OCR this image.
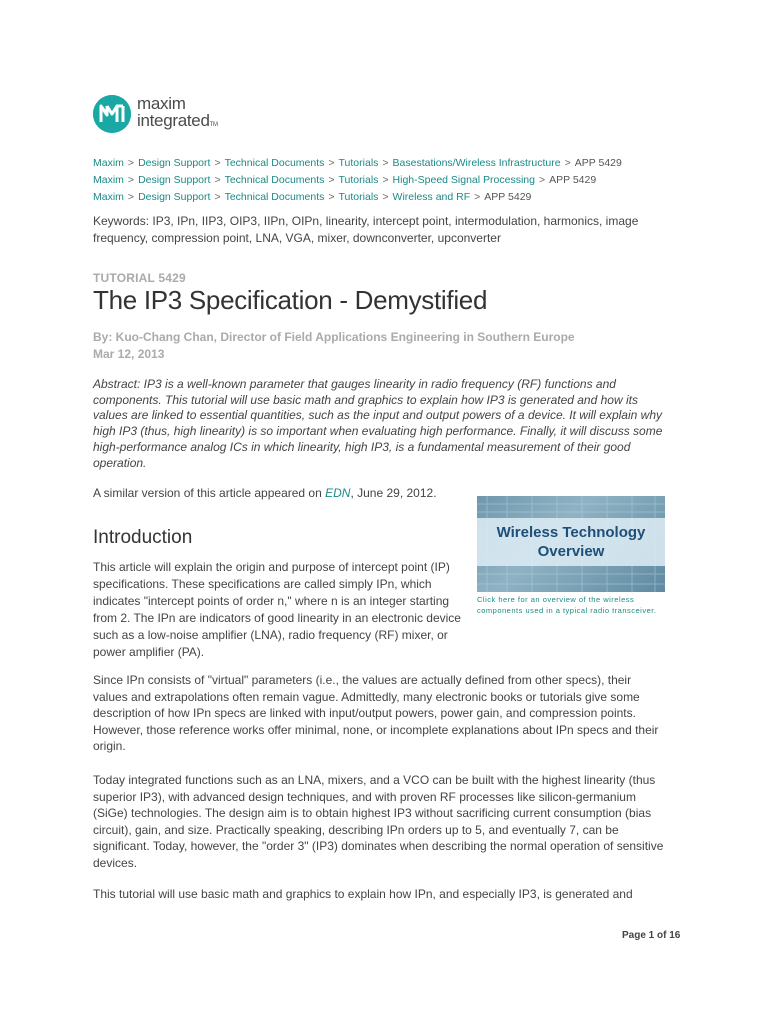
maxim
integratedTM
Maxim > Design Support > Technical Documents > Tutorials > Basestations/Wireless Infrastructure > APP 5429
Maxim > Design Support > Technical Documents > Tutorials > High-Speed Signal Processing > APP 5429
Maxim > Design Support > Technical Documents > Tutorials > Wireless and RF > APP 5429
Keywords: IP3, IPn, IIP3, OIP3, IIPn, OIPn, linearity, intercept point, intermodulation, harmonics, image frequency, compression point, LNA, VGA, mixer, downconverter, upconverter
TUTORIAL 5429
The IP3 Specification - Demystified
By: Kuo-Chang Chan, Director of Field Applications Engineering in Southern Europe
Mar 12, 2013

Abstract: IP3 is a well-known parameter that gauges linearity in radio frequency (RF) functions and components. This tutorial will use basic math and graphics to explain how IP3 is generated and how its values are linked to essential quantities, such as the input and output powers of a device. It will explain why high IP3 (thus, high linearity) is so important when evaluating high performance. Finally, it will discuss some high-performance analog ICs in which linearity, high IP3, is a fundamental measurement of their good operation.

A similar version of this article appeared on EDN, June 29, 2012.
Introduction

This article will explain the origin and purpose of intercept point (IP) specifications. These specifications are called simply IPn, which indicates "intercept points of order n," where n is an integer starting from 2. The IPn are indicators of good linearity in an electronic device such as a low-noise amplifier (LNA), radio frequency (RF) mixer, or power amplifier (PA).

Wireless Technology
Overview
Click here for an overview of the wireless components used in a typical radio transceiver.

Since IPn consists of "virtual" parameters (i.e., the values are actually defined from other specs), their values and extrapolations often remain vague. Admittedly, many electronic books or tutorials give some description of how IPn specs are linked with input/output powers, power gain, and compression points. However, those reference works offer minimal, none, or incomplete explanations about IPn specs and their origin.

Today integrated functions such as an LNA, mixers, and a VCO can be built with the highest linearity (thus superior IP3), with advanced design techniques, and with proven RF processes like silicon-germanium (SiGe) technologies. The design aim is to obtain highest IP3 without sacrificing current consumption (bias circuit), gain, and size. Practically speaking, describing IPn orders up to 5, and eventually 7, can be significant. Today, however, the "order 3" (IP3) dominates when describing the normal operation of sensitive devices.

This tutorial will use basic math and graphics to explain how IPn, and especially IP3, is generated and

Page 1 of 16
